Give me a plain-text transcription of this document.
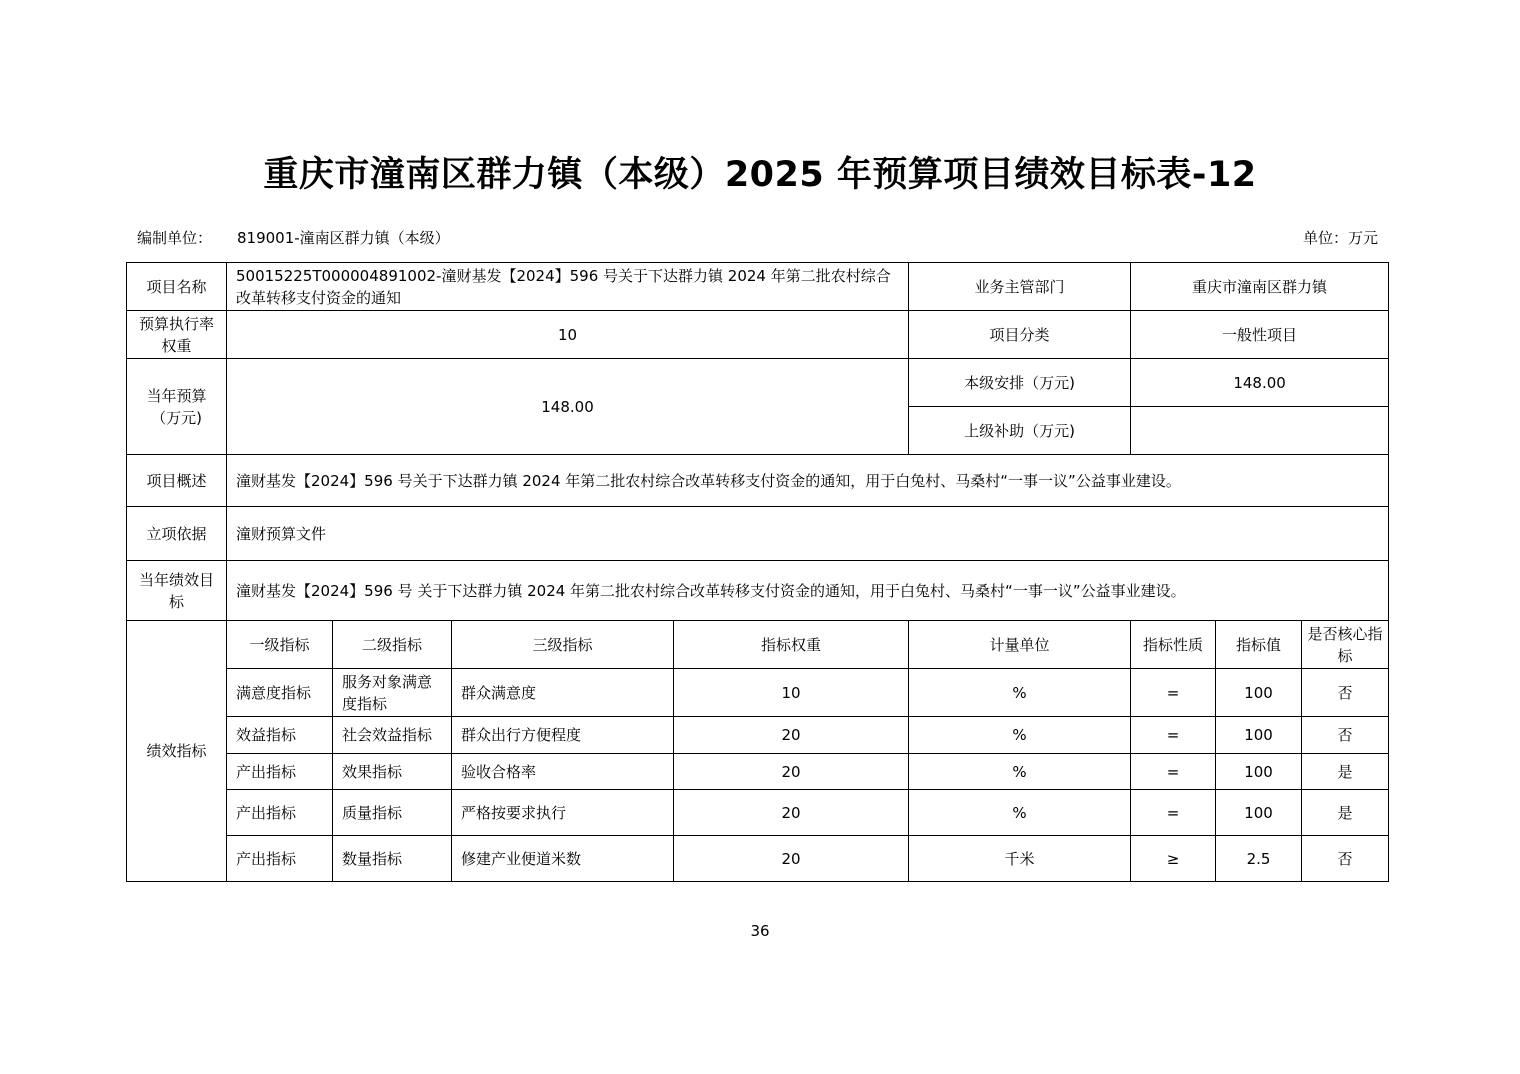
重庆市潼南区群力镇（本级）2025 年预算项目绩效目标表-12
编制单位： 819001-潼南区群力镇（本级）	单位：万元
项目名称	50015225T000004891002-潼财基发【2024】596 号关于下达群力镇 2024 年第二批农村综合改革转移支付资金的通知				业务主管部门	重庆市潼南区群力镇		
预算执行率权重	10				项目分类	一般性项目		
当年预算（万元)	148.00				本级安排（万元)	148.00		
					上级补助（万元)			
项目概述	潼财基发【2024】596 号关于下达群力镇 2024 年第二批农村综合改革转移支付资金的通知，用于白兔村、马桑村“一事一议”公益事业建设。							
立项依据	潼财预算文件							
当年绩效目标	潼财基发【2024】596 号 关于下达群力镇 2024 年第二批农村综合改革转移支付资金的通知，用于白兔村、马桑村“一事一议”公益事业建设。							
绩效指标	一级指标	二级指标	三级指标	指标权重	计量单位	指标性质	指标值	是否核心指标
	满意度指标	服务对象满意度指标	群众满意度	10	%	=	100	否
	效益指标	社会效益指标	群众出行方便程度	20	%	=	100	否
	产出指标	效果指标	验收合格率	20	%	=	100	是
	产出指标	质量指标	严格按要求执行	20	%	=	100	是
	产出指标	数量指标	修建产业便道米数	20	千米	≥	2.5	否
36
